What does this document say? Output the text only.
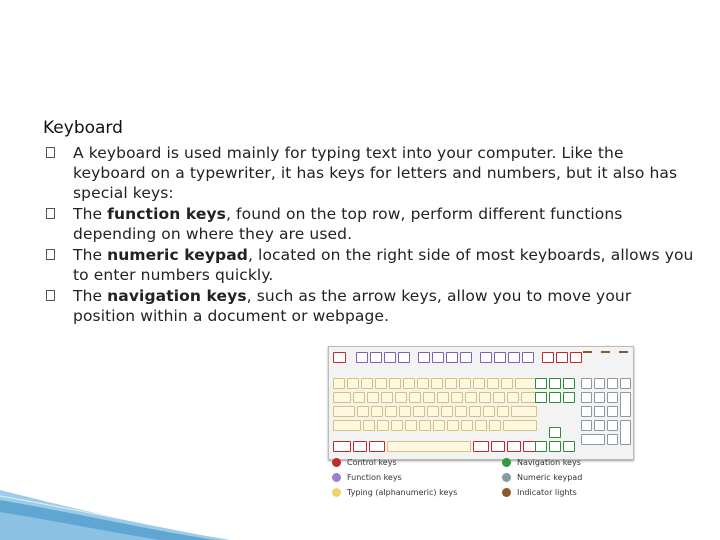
Keyboard
A keyboard is used mainly for typing text into your computer. Like the keyboard on a typewriter, it has keys for letters and numbers, but it also has special keys:
The function keys, found on the top row, perform different functions depending on where they are used.
The numeric keypad, located on the right side of most keyboards, allows you to enter numbers quickly.
The navigation keys, such as the arrow keys, allow you to move your position within a document or webpage.
Control keys
Function keys
Typing (alphanumeric) keys
Navigation keys
Numeric keypad
Indicator lights
